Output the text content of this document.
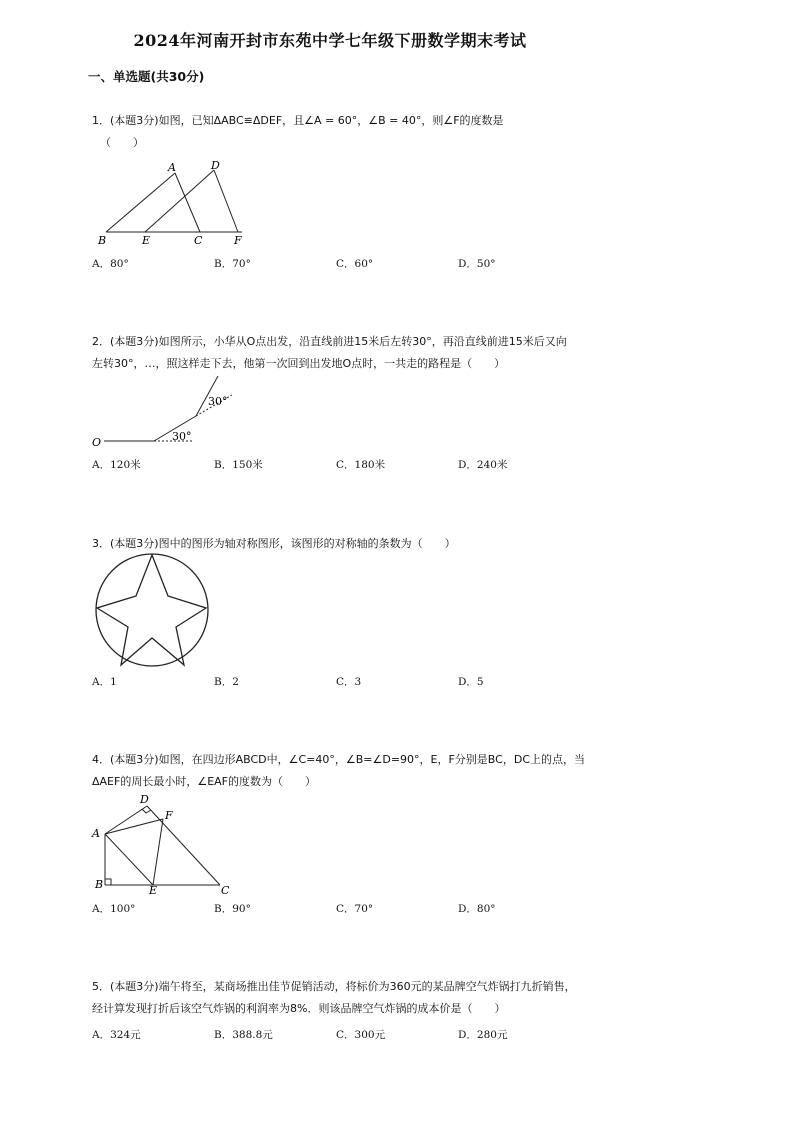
2024年河南开封市东苑中学七年级下册数学期末考试
一、单选题(共30分)
1．(本题3分)如图，已知ΔABC≌ΔDEF，且∠A = 60°，∠B = 40°，则∠F的度数是
（　　）
A	D
B	E	C	F
A．80°	B．70°	C．60°	D．50°
2．(本题3分)如图所示，小华从O点出发，沿直线前进15米后左转30°，再沿直线前进15米后又向
左转30°，…，照这样走下去，他第一次回到出发地O点时，一共走的路程是（　　）
O	30°
30°
A．120米	B．150米	C．180米	D．240米
3．(本题3分)图中的图形为轴对称图形，该图形的对称轴的条数为（　　）
A．1	B．2	C．3	D．5
4．(本题3分)如图，在四边形ABCD中，∠C=40°，∠B=∠D=90°，E，F分别是BC，DC上的点，当
ΔAEF的周长最小时，∠EAF的度数为（　　）
D
F
A
B	E	C
A．100°	B．90°	C．70°	D．80°
5．(本题3分)端午将至，某商场推出佳节促销活动，将标价为360元的某品牌空气炸锅打九折销售，
经计算发现打折后该空气炸锅的利润率为8%．则该品牌空气炸锅的成本价是（　　）
A．324元	B．388.8元	C．300元	D．280元
